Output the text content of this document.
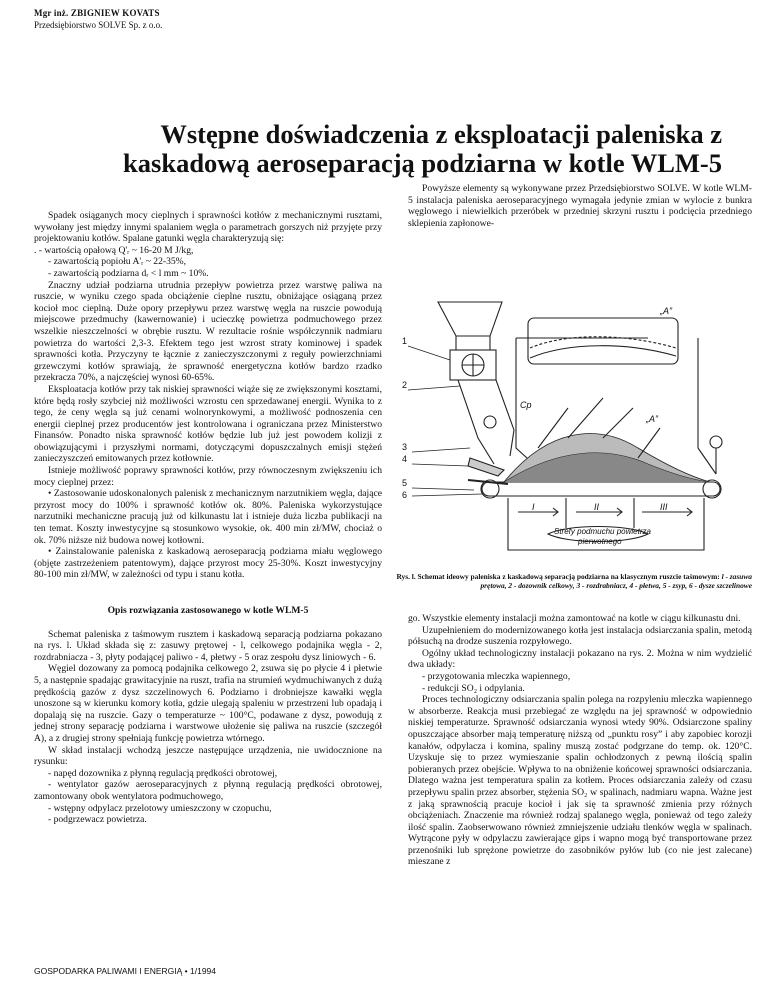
Mgr inż. ZBIGNIEW KOVATS
Przedsiębiorstwo SOLVE Sp. z o.o.
Wstępne doświadczenia z eksploatacji paleniska z
kaskadową aeroseparacją podziarna w kotle WLM-5

Spadek osiąganych mocy cieplnych i sprawności kotłów z mechanicznymi rusztami, wywołany jest między innymi spalaniem węgla o parametrach gorszych niż przyjęte przy projektowaniu kotłów. Spalane gatunki węgla charakteryzują się:

. - wartością opałową Q'ᵣ ~ 16-20 M J/kg,

- zawartością popiołu A'ᵣ ~ 22-35%,

- zawartością podziarna dᵣ < l mm ~ 10%.

Znaczny udział podziarna utrudnia przepływ powietrza przez warstwę paliwa na ruszcie, w wyniku czego spada obciążenie cieplne rusztu, obniżające osiąganą przez kocioł moc cieplną. Duże opory przepływu przez warstwę węgla na ruszcie powodują miejscowe przedmuchy (kawernowanie) i ucieczkę powietrza podmuchowego przez wszelkie nieszczelności w obrębie rusztu. W rezultacie rośnie współczynnik nadmiaru powietrza do wartości 2,3-3. Efektem tego jest wzrost straty kominowej i spadek sprawności kotła. Przyczyny te łącznie z zanieczyszczonymi z reguły powierzchniami grzewczymi kotłów sprawiają, że sprawność energetyczna kotłów bardzo rzadko przekracza 70%, a najczęściej wynosi 60-65%.

Eksploatacja kotłów przy tak niskiej sprawności wiąże się ze zwiększonymi kosztami, które będą rosły szybciej niż możliwości wzrostu cen sprzedawanej energii. Wynika to z tego, że ceny węgla są już cenami wolnorynkowymi, a możliwość podnoszenia cen energii cieplnej przez producentów jest kontrolowana i ograniczana przez Ministerstwo Finansów. Ponadto niska sprawność kotłów będzie lub już jest powodem kolizji z obowiązującymi i przyszłymi normami, dotyczącymi dopuszczalnych emisji stężeń zanieczyszczeń emitowanych przez kotłownie.

Istnieje możliwość poprawy sprawności kotłów, przy równoczesnym zwiększeniu ich mocy cieplnej przez:

• Zastosowanie udoskonalonych palenisk z mechanicznym narzutnikiem węgla, dające przyrost mocy do 100% i sprawność kotłów ok. 80%. Paleniska wykorzystujące narzutniki mechaniczne pracują już od kilkunastu lat i istnieje duża liczba publikacji na ten temat. Koszty inwestycyjne są stosunkowo wysokie, ok. 400 min zł/MW, chociaż o ok. 70% niższe niż budowa nowej kotłowni.

• Zainstalowanie paleniska z kaskadową aeroseparacją podziarna miału węglowego (objęte zastrzeżeniem patentowym), dające przyrost mocy 25-30%. Koszt inwestycyjny 80-100 min zł/MW, w zależności od typu i stanu kotła.

Opis rozwiązania zastosowanego w kotle WLM-5

Schemat paleniska z taśmowym rusztem i kaskadową separacją podziarna pokazano na rys. l. Układ składa się z: zasuwy prętowej - l, celkowego podajnika węgla - 2, rozdrabniacza - 3, płyty podającej paliwo - 4, płetwy - 5 oraz zespołu dysz liniowych - 6.

Węgiel dozowany za pomocą podajnika celkowego 2, zsuwa się po płycie 4 i płetwie 5, a następnie spadając grawitacyjnie na ruszt, trafia na strumień wydmuchiwanych z dużą prędkością gazów z dysz szczelinowych 6. Podziarno i drobniejsze kawałki węgla unoszone są w kierunku komory kotła, gdzie ulegają spaleniu w przestrzeni lub opadają i dopalają się na ruszcie. Gazy o temperaturze ~ 100°C, podawane z dysz, powodują z jednej strony separację podziarna i warstwowe ułożenie się paliwa na ruszcie (szczegół A), a z drugiej strony spełniają funkcję powietrza wtórnego.

W skład instalacji wchodzą jeszcze następujące urządzenia, nie uwidocznione na rysunku:

- napęd dozownika z płynną regulacją prędkości obrotowej,

- wentylator gazów aeroseparacyjnych z płynną regulacją prędkości obrotowej, zamontowany obok wentylatora podmuchowego,

- wstępny odpylacz przelotowy umieszczony w czopuchu,

- podgrzewacz powietrza.

Powyższe elementy są wykonywane przez Przedsiębiorstwo SOLVE. W kotle WLM-5 instalacja paleniska aeroseparacyjnego wymagała jedynie zmian w wylocie z bunkra węglowego i niewielkich przeróbek w przedniej skrzyni rusztu i podcięcia przedniego sklepienia zapłonowe-

1
2
3
4
5
6
„A”
„A”
Cp
I	II	III
Strefy podmuchu powietrza
pierwotnego
Rys. l. Schemat ideowy paleniska z kaskadową separacją podziarna na klasycznym ruszcie taśmowym: l - zasuwa prętowa, 2 - dozownik celkowy, 3 - rozdrabniacz, 4 - płetwa, 5 - zsyp, 6 - dysze szczelinowe

go. Wszystkie elementy instalacji można zamontować na kotle w ciągu kilkunastu dni.

Uzupełnieniem do modernizowanego kotła jest instalacja odsiarczania spalin, metodą półsuchą na drodze suszenia rozpyłowego.

Ogólny układ technologiczny instalacji pokazano na rys. 2. Można w nim wydzielić dwa układy:

- przygotowania mleczka wapiennego,

- redukcji SO₂ i odpylania.

Proces technologiczny odsiarczania spalin polega na rozpyleniu mleczka wapiennego w absorberze. Reakcja musi przebiegać ze względu na jej sprawność w odpowiednio niskiej temperaturze. Sprawność odsiarczania wynosi wtedy 90%. Odsiarczone spaliny opuszczające absorber mają temperaturę niższą od „punktu rosy” i aby zapobiec korozji kanałów, odpylacza i komina, spaliny muszą zostać podgrzane do temp. ok. 120°C. Uzyskuje się to przez wymieszanie spalin ochłodzonych z pewną ilością spalin pobieranych przez obejście. Wpływa to na obniżenie końcowej sprawności odsiarczania. Dlatego ważna jest temperatura spalin za kotłem. Proces odsiarczania zależy od czasu przepływu spalin przez absorber, stężenia SO₂ w spalinach, nadmiaru wapna. Ważne jest z jaką sprawnością pracuje kocioł i jak się ta sprawność zmienia przy różnych obciążeniach. Znaczenie ma również rodzaj spalanego węgla, ponieważ od tego zależy ilość spalin. Zaobserwowano również zmniejszenie udziału tlenków węgla w spalinach. Wytrącone pyły w odpylaczu zawierające gips i wapno mogą być transportowane przez przenośniki lub sprężone powietrze do zasobników pyłów lub (co nie jest zalecane) mieszane z

GOSPODARKA PALIWAMI I ENERGIĄ • 1/1994
